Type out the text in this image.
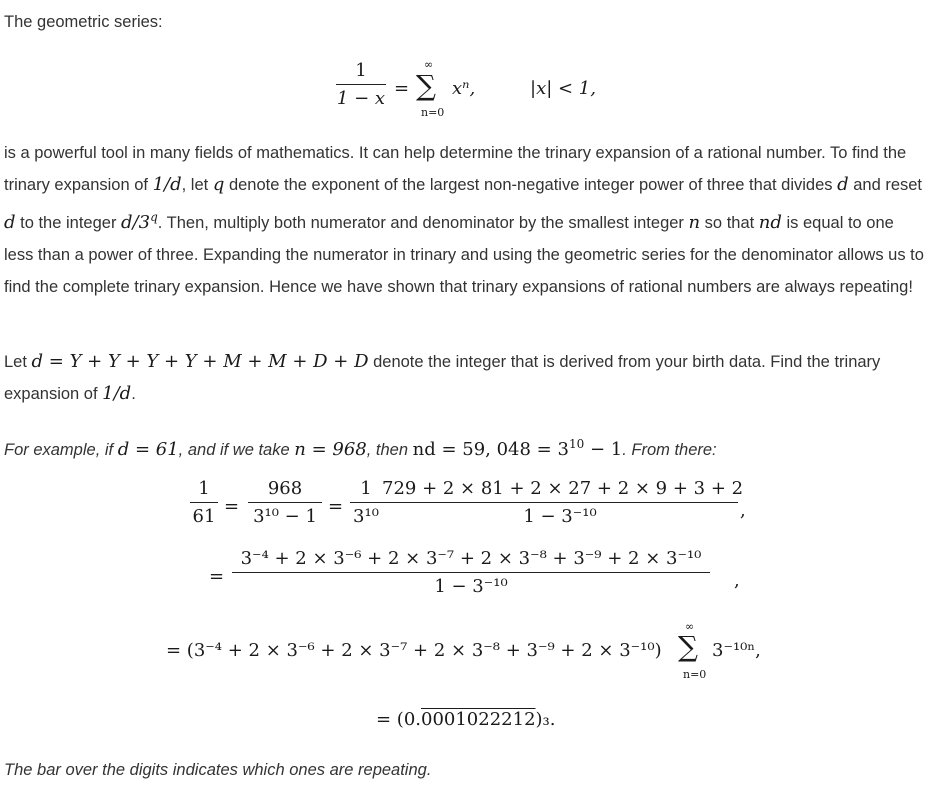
The geometric series:

1
1 − x =
∞
∑
n=0
xⁿ,	|x| < 1,

is a powerful tool in many fields of mathematics. It can help determine the trinary expansion of a rational number. To find the trinary expansion of 1/d, let q denote the exponent of the largest non-negative integer power of three that divides d and reset d to the integer d/3$^q$. Then, multiply both numerator and denominator by the smallest integer n so that nd is equal to one less than a power of three. Expanding the numerator in trinary and using the geometric series for the denominator allows us to find the complete trinary expansion. Hence we have shown that trinary expansions of rational numbers are always repeating!

Let d = Y + Y + Y + Y + M + M + D + D denote the integer that is derived from your birth data. Find the trinary expansion of 1/d.

For example, if d = 61, and if we take n = 968, then nd = 59, $048 = 3^{10} - 1$. From there:

1
61 =
968
3¹⁰ − 1 =
1
3¹⁰
729 + 2 × 81 + 2 × 27 + 2 × 9 + 3 + 2
1 − 3⁻¹⁰	,
=
3⁻⁴ + 2 × 3⁻⁶ + 2 × 3⁻⁷ + 2 × 3⁻⁸ + 3⁻⁹ + 2 × 3⁻¹⁰
1 − 3⁻¹⁰	,
= (3⁻⁴ + 2 × 3⁻⁶ + 2 × 3⁻⁷ + 2 × 3⁻⁸ + 3⁻⁹ + 2 × 3⁻¹⁰)
∞
∑
n=0
3⁻¹⁰ⁿ,
= (0.0001022212)₃.

The bar over the digits indicates which ones are repeating.
